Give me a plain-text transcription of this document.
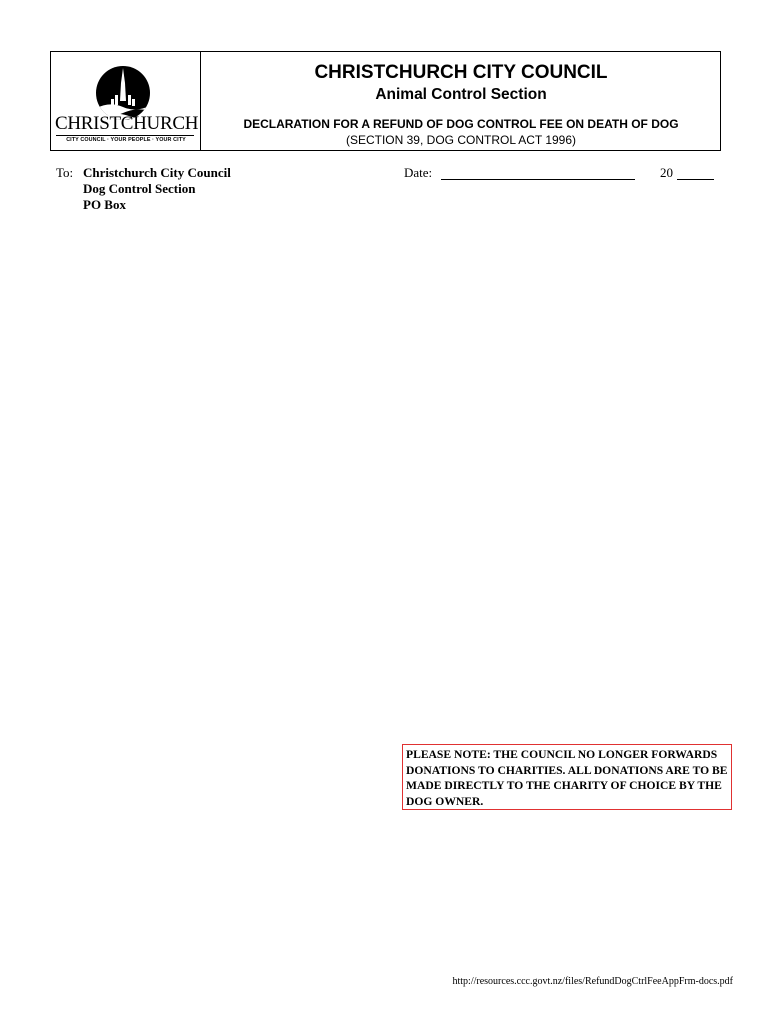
CHRISTCHURCH
CITY COUNCIL · YOUR PEOPLE · YOUR CITY
CHRISTCHURCH CITY COUNCIL
Animal Control Section
DECLARATION FOR A REFUND OF DOG CONTROL FEE ON DEATH OF DOG
(SECTION 39, DOG CONTROL ACT 1996)
To: Christchurch City Council
Dog Control Section
PO Box
Date:	20
PLEASE NOTE: THE COUNCIL NO LONGER FORWARDS DONATIONS TO CHARITIES. ALL DONATIONS ARE TO BE MADE DIRECTLY TO THE CHARITY OF CHOICE BY THE DOG OWNER.
http://resources.ccc.govt.nz/files/RefundDogCtrlFeeAppFrm-docs.pdf
